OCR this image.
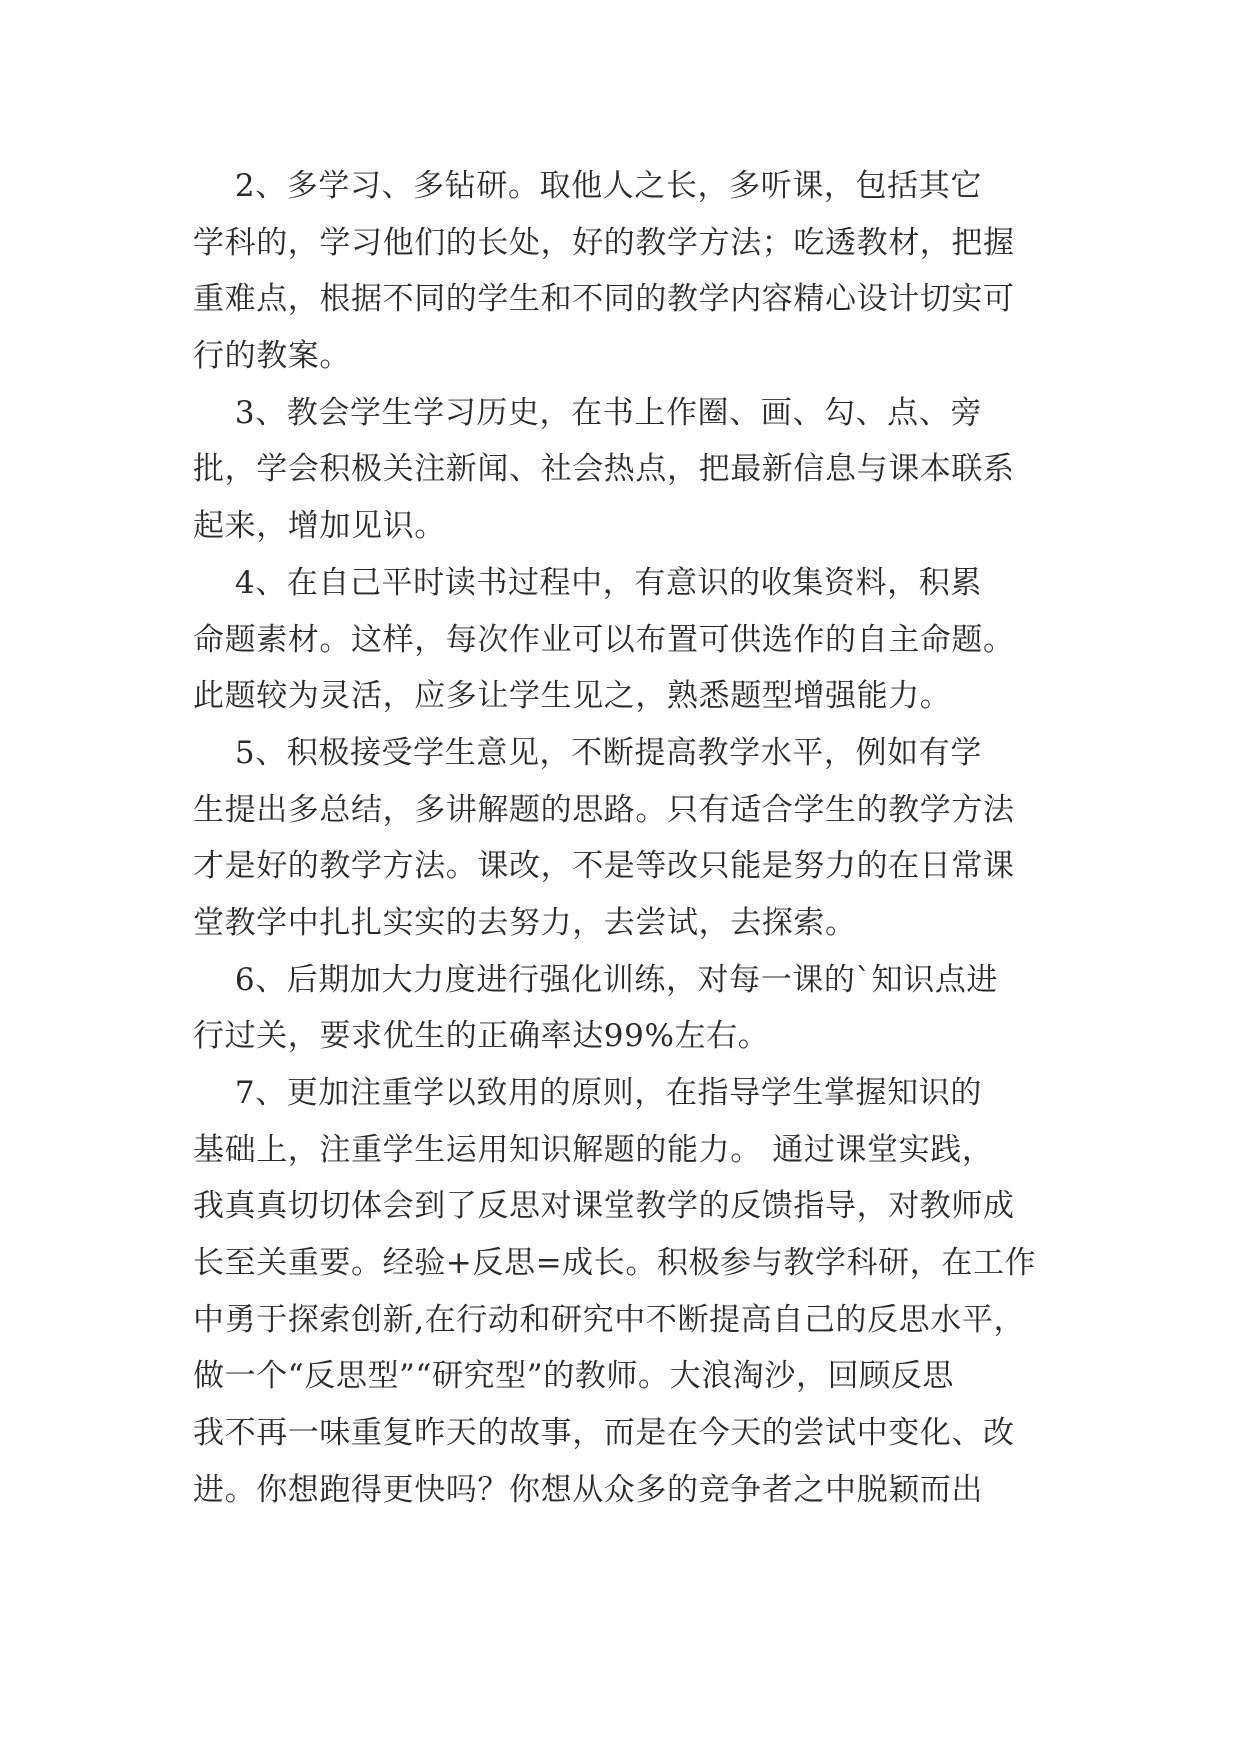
2、多学习、多钻研。取他人之长，多听课，包括其它
学科的，学习他们的长处，好的教学方法；吃透教材，把握
重难点，根据不同的学生和不同的教学内容精心设计切实可
行的教案。
3、教会学生学习历史，在书上作圈、画、勾、点、旁
批，学会积极关注新闻、社会热点，把最新信息与课本联系
起来，增加见识。
4、在自己平时读书过程中，有意识的收集资料，积累
命题素材。这样，每次作业可以布置可供选作的自主命题。
此题较为灵活，应多让学生见之，熟悉题型增强能力。
5、积极接受学生意见，不断提高教学水平，例如有学
生提出多总结，多讲解题的思路。只有适合学生的教学方法
才是好的教学方法。课改，不是等改只能是努力的在日常课
堂教学中扎扎实实的去努力，去尝试，去探索。
6、后期加大力度进行强化训练，对每一课的`知识点进
行过关，要求优生的正确率达99%左右。
7、更加注重学以致用的原则，在指导学生掌握知识的
基础上，注重学生运用知识解题的能力。 通过课堂实践，
我真真切切体会到了反思对课堂教学的反馈指导，对教师成
长至关重要。经验+反思=成长。积极参与教学科研，在工作
中勇于探索创新,在行动和研究中不断提高自己的反思水平，
做一个“反思型”“研究型”的教师。大浪淘沙，回顾反思
我不再一味重复昨天的故事，而是在今天的尝试中变化、改
进。你想跑得更快吗？你想从众多的竞争者之中脱颖而出
